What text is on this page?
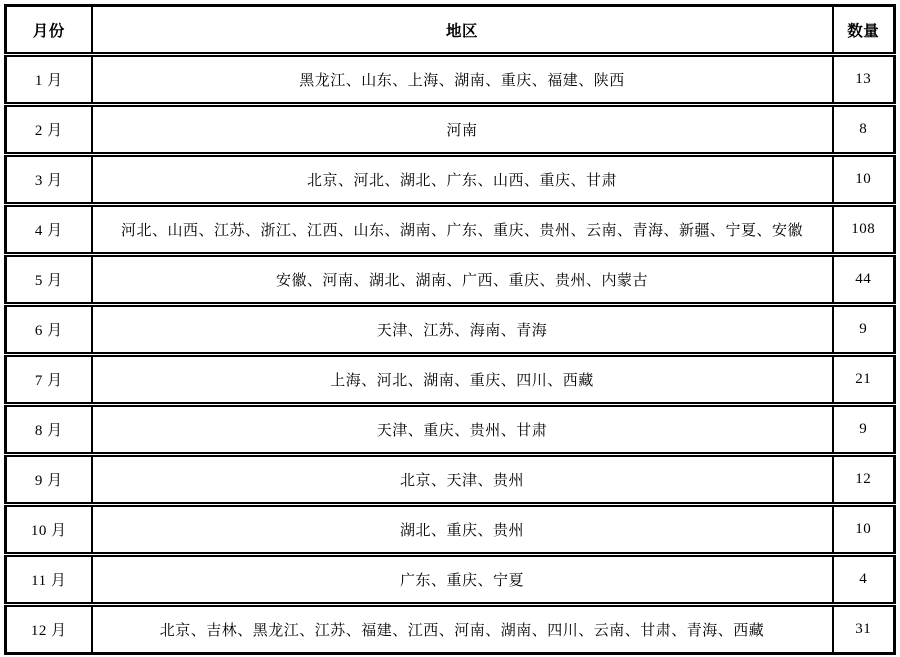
月份	地区	数量
1 月	黑龙江、山东、上海、湖南、重庆、福建、陕西	13
2 月	河南	8
3 月	北京、河北、湖北、广东、山西、重庆、甘肃	10
4 月	河北、山西、江苏、浙江、江西、山东、湖南、广东、重庆、贵州、云南、青海、新疆、宁夏、安徽	108
5 月	安徽、河南、湖北、湖南、广西、重庆、贵州、内蒙古	44
6 月	天津、江苏、海南、青海	9
7 月	上海、河北、湖南、重庆、四川、西藏	21
8 月	天津、重庆、贵州、甘肃	9
9 月	北京、天津、贵州	12
10 月	湖北、重庆、贵州	10
11 月	广东、重庆、宁夏	4
12 月	北京、吉林、黑龙江、江苏、福建、江西、河南、湖南、四川、云南、甘肃、青海、西藏	31
